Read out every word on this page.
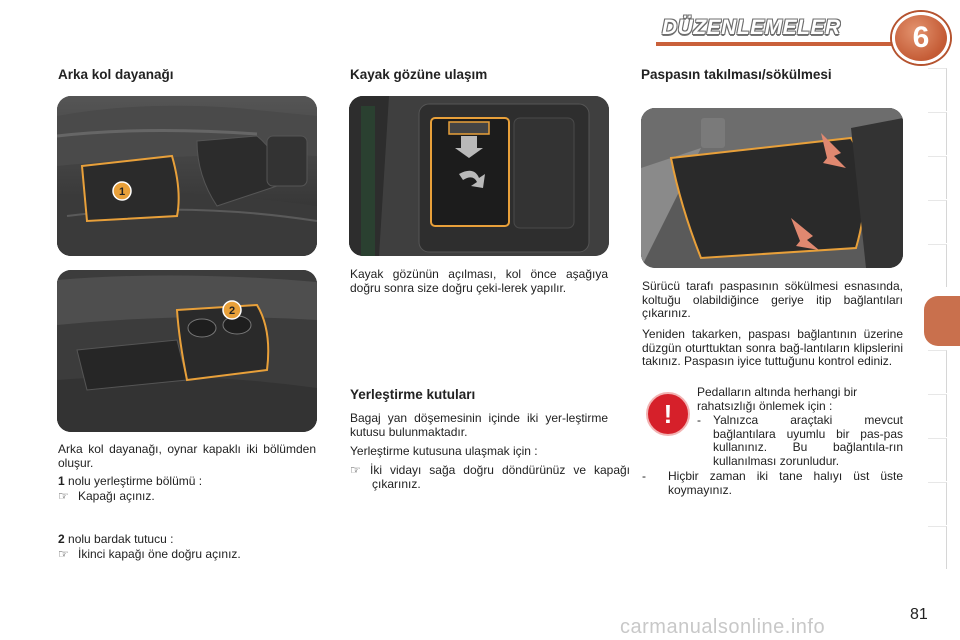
DÜZENLEMELER 6
Arka kol dayanağı
1
2
Arka kol dayanağı, oynar kapaklı iki bölümden oluşur.
1 nolu yerleştirme bölümü :
☞ Kapağı açınız.
2 nolu bardak tutucu :
☞ İkinci kapağı öne doğru açınız.
Kayak gözüne ulaşım
Kayak gözünün açılması, kol önce aşağıya doğru sonra size doğru çeki-lerek yapılır.
Yerleştirme kutuları
Bagaj yan döşemesinin içinde iki yer-leştirme kutusu bulunmaktadır.
Yerleştirme kutusuna ulaşmak için :
☞ İki vidayı sağa doğru döndürünüz ve kapağı çıkarınız.
Paspasın takılması/sökülmesi
Sürücü tarafı paspasının sökülmesi esnasında, koltuğu olabildiğince geriye itip bağlantıları çıkarınız.
Yeniden takarken, paspası bağlantının üzerine düzgün oturttuktan sonra bağ-lantıların klipslerini takınız. Paspasın iyice tuttuğunu kontrol ediniz.
!
Pedalların altında herhangi bir rahatsızlığı önlemek için :
-	Yalnızca araçtaki mevcut bağlantılara uyumlu bir pas-pas kullanınız. Bu bağlantıla-rın kullanılması zorunludur.
-	Hiçbir zaman iki tane halıyı üst üste koymayınız.
81
carmanualsonline.info
